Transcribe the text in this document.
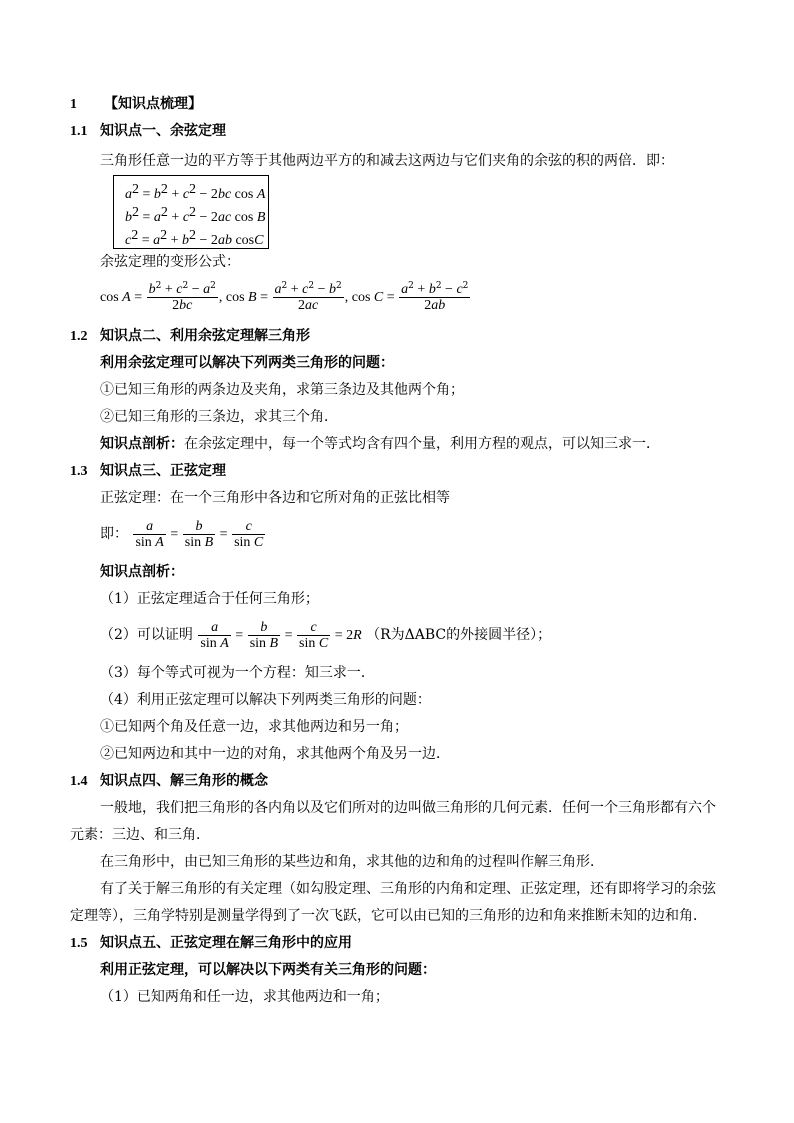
1 【知识点梳理】
1.1 知识点一、余弦定理
三角形任意一边的平方等于其他两边平方的和减去这两边与它们夹角的余弦的积的两倍．即：
$a^2 = b^2 + c^2 - 2bc$ cos A
$b^2 = a^2 + c^2 - 2ac$ cos B
$c^2 = a^2 + b^2 - 2ab$ cosC
余弦定理的变形公式：
$\cos A = \frac{b^2 + c^2 - a^2}{2bc}$ , $\cos B = \frac{a^2 + c^2 - b^2}{2ac}$ , $\cos C = \frac{a^2 + b^2 - c^2}{2ab}$
1.2 知识点二、利用余弦定理解三角形
利用余弦定理可以解决下列两类三角形的问题：
①已知三角形的两条边及夹角，求第三条边及其他两个角；
②已知三角形的三条边，求其三个角．
知识点剖析：在余弦定理中，每一个等式均含有四个量，利用方程的观点，可以知三求一．
1.3 知识点三、正弦定理
正弦定理：在一个三角形中各边和它所对角的正弦比相等
即： $\frac{a}{\text{sin A}} = \frac{b}{\text{sin B}} = \frac{c}{\text{sin C}}$
知识点剖析：
（1）正弦定理适合于任何三角形；
（2）可以证明 $\frac{a}{\text{sin A}} = \frac{b}{\text{sin B}} = \frac{c}{\text{sin C}} = 2R$ （R为ΔABC的外接圆半径）；
（3）每个等式可视为一个方程：知三求一．
（4）利用正弦定理可以解决下列两类三角形的问题：
①已知两个角及任意一边，求其他两边和另一角；
②已知两边和其中一边的对角，求其他两个角及另一边．
1.4 知识点四、解三角形的概念
一般地，我们把三角形的各内角以及它们所对的边叫做三角形的几何元素．任何一个三角形都有六个
元素：三边、和三角．
在三角形中，由已知三角形的某些边和角，求其他的边和角的过程叫作解三角形．
有了关于解三角形的有关定理（如勾股定理、三角形的内角和定理、正弦定理，还有即将学习的余弦
定理等），三角学特别是测量学得到了一次飞跃，它可以由已知的三角形的边和角来推断未知的边和角．
1.5 知识点五、正弦定理在解三角形中的应用
利用正弦定理，可以解决以下两类有关三角形的问题：
（1）已知两角和任一边，求其他两边和一角；
